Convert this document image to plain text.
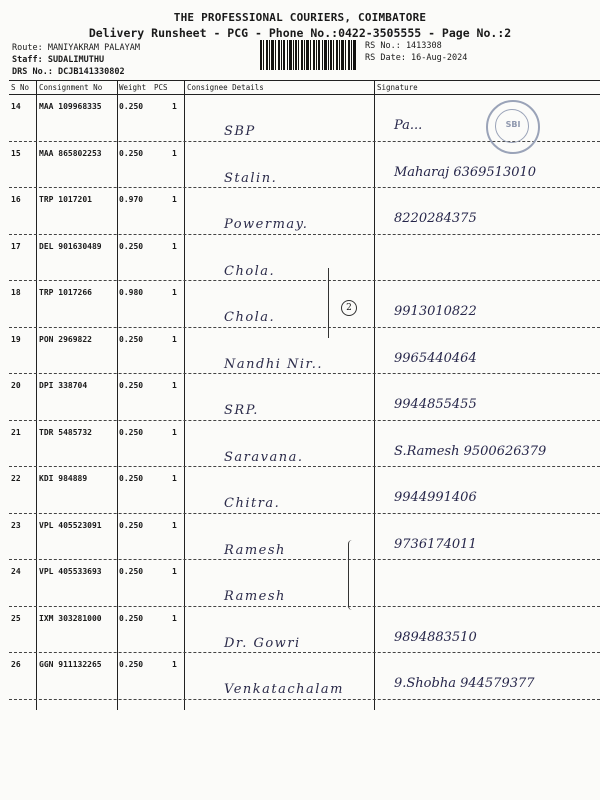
THE PROFESSIONAL COURIERS, COIMBATORE
Delivery Runsheet - PCG - Phone No.:0422-3505555 - Page No.:2
Route: MANIYAKRAM PALAYAM
Staff: SUDALIMUTHU
DRS No.: DCJB141330802
RS No.: 1413308
RS Date: 16-Aug-2024
S No Consignment No Weight PCS	Consignee Details	Signature
14 MAA 109968335 0.250	1
SBP	Pa...
15 MAA 865802253 0.250	1
Stalin.	Maharaj 6369513010
16 TRP 1017201	0.970	1
Powermay.	8220284375
17 DEL 901630489 0.250	1
Chola.
18 TRP 1017266	0.980	1
Chola.	9913010822
19 PON 2969822	0.250	1
Nandhi Nir..	9965440464
20 DPI 338704	0.250	1
SRP.	9944855455
21 TDR 5485732	0.250	1
Saravana.	S.Ramesh 9500626379
22 KDI 984889	0.250	1
Chitra.	9944991406
23 VPL 405523091 0.250	1
Ramesh	9736174011
24 VPL 405533693 0.250	1
Ramesh
25 IXM 303281000 0.250	1
Dr. Gowri	9894883510
26 GGN 911132265 0.250	1
Venkatachalam	9.Shobha 944579377
2
SBI
